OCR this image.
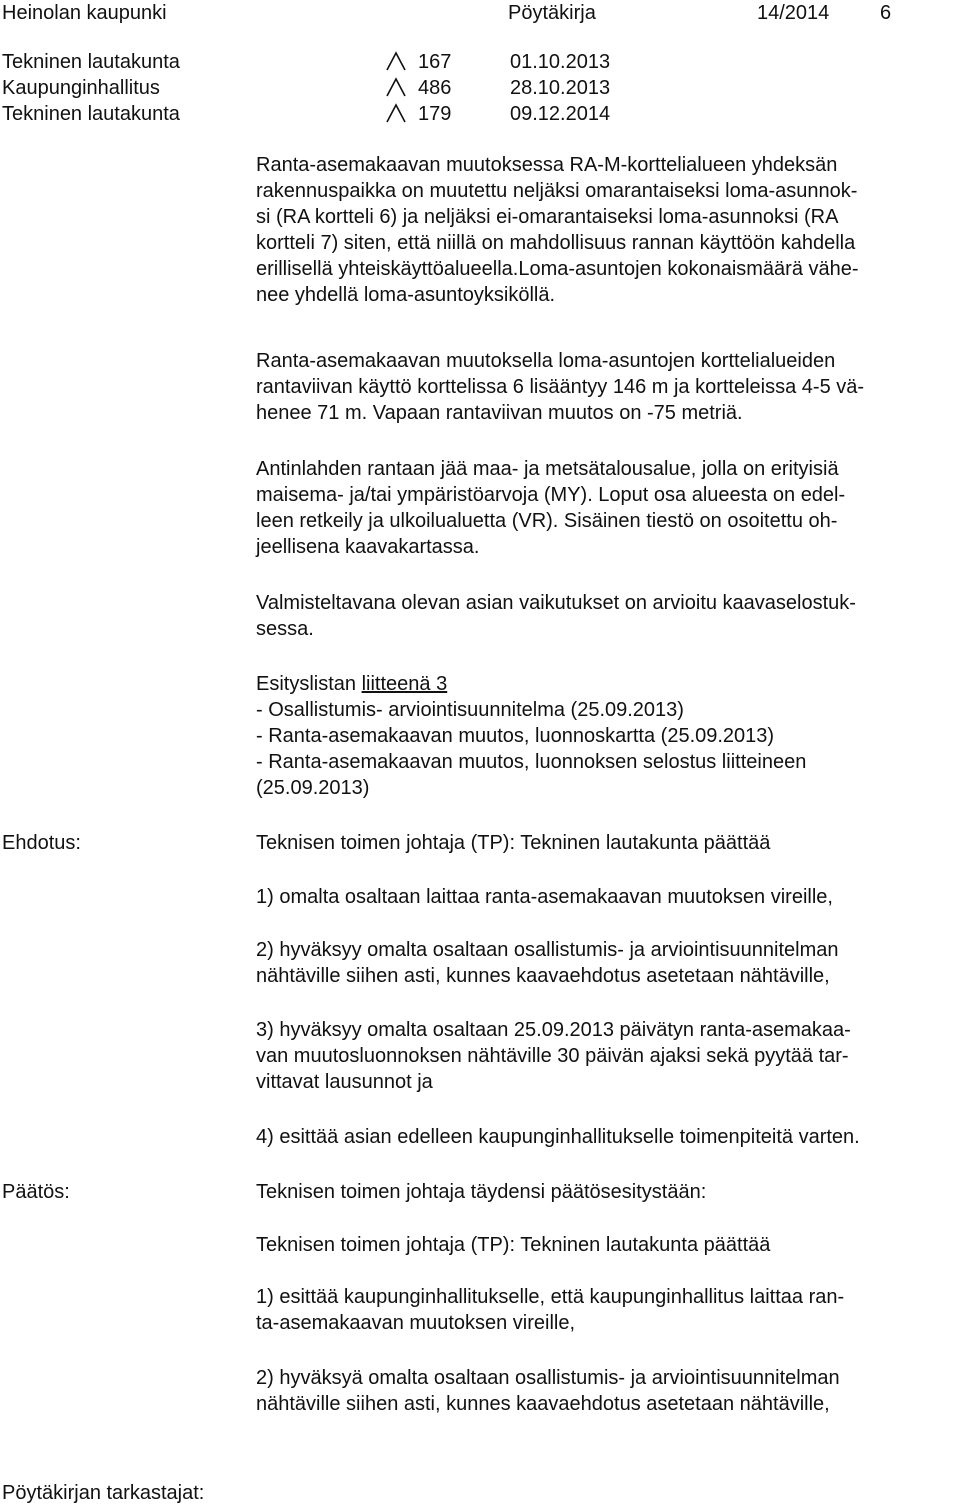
Heinolan kaupunki	Pöytäkirja	14/2014	6
Tekninen lautakunta	167	01.10.2013
Kaupunginhallitus	486	28.10.2013
Tekninen lautakunta	179	09.12.2014
Ranta-asemakaavan muutoksessa RA-M-korttelialueen yhdeksän
rakennuspaikka on muutettu neljäksi omarantaiseksi loma-asunnok-
si (RA kortteli 6) ja neljäksi ei-omarantaiseksi loma-asunnoksi (RA
kortteli 7) siten, että niillä on mahdollisuus rannan käyttöön kahdella
erillisellä yhteiskäyttöalueella.Loma-asuntojen kokonaismäärä vähe-
nee yhdellä loma-asuntoyksiköllä.
Ranta-asemakaavan muutoksella loma-asuntojen korttelialueiden
rantaviivan käyttö korttelissa 6 lisääntyy 146 m ja kortteleissa 4-5 vä-
henee 71 m. Vapaan rantaviivan muutos on -75 metriä.
Antinlahden rantaan jää maa- ja metsätalousalue, jolla on erityisiä
maisema- ja/tai ympäristöarvoja (MY). Loput osa alueesta on edel-
leen retkeily ja ulkoilualuetta (VR). Sisäinen tiestö on osoitettu oh-
jeellisena kaavakartassa.
Valmisteltavana olevan asian vaikutukset on arvioitu kaavaselostuk-
sessa.
Esityslistan liitteenä 3
- Osallistumis- arviointisuunnitelma (25.09.2013)
- Ranta-asemakaavan muutos, luonnoskartta (25.09.2013)
- Ranta-asemakaavan muutos, luonnoksen selostus liitteineen
(25.09.2013)
Ehdotus:	Teknisen toimen johtaja (TP): Tekninen lautakunta päättää
1) omalta osaltaan laittaa ranta-asemakaavan muutoksen vireille,
2) hyväksyy omalta osaltaan osallistumis- ja arviointisuunnitelman
nähtäville siihen asti, kunnes kaavaehdotus asetetaan nähtäville,
3) hyväksyy omalta osaltaan 25.09.2013 päivätyn ranta-asemakaa-
van muutosluonnoksen nähtäville 30 päivän ajaksi sekä pyytää tar-
vittavat lausunnot ja
4) esittää asian edelleen kaupunginhallitukselle toimenpiteitä varten.
Päätös:	Teknisen toimen johtaja täydensi päätösesitystään:
Teknisen toimen johtaja (TP): Tekninen lautakunta päättää
1) esittää kaupunginhallitukselle, että kaupunginhallitus laittaa ran-
ta-asemakaavan muutoksen vireille,
2) hyväksyä omalta osaltaan osallistumis- ja arviointisuunnitelman
nähtäville siihen asti, kunnes kaavaehdotus asetetaan nähtäville,
Pöytäkirjan tarkastajat:
